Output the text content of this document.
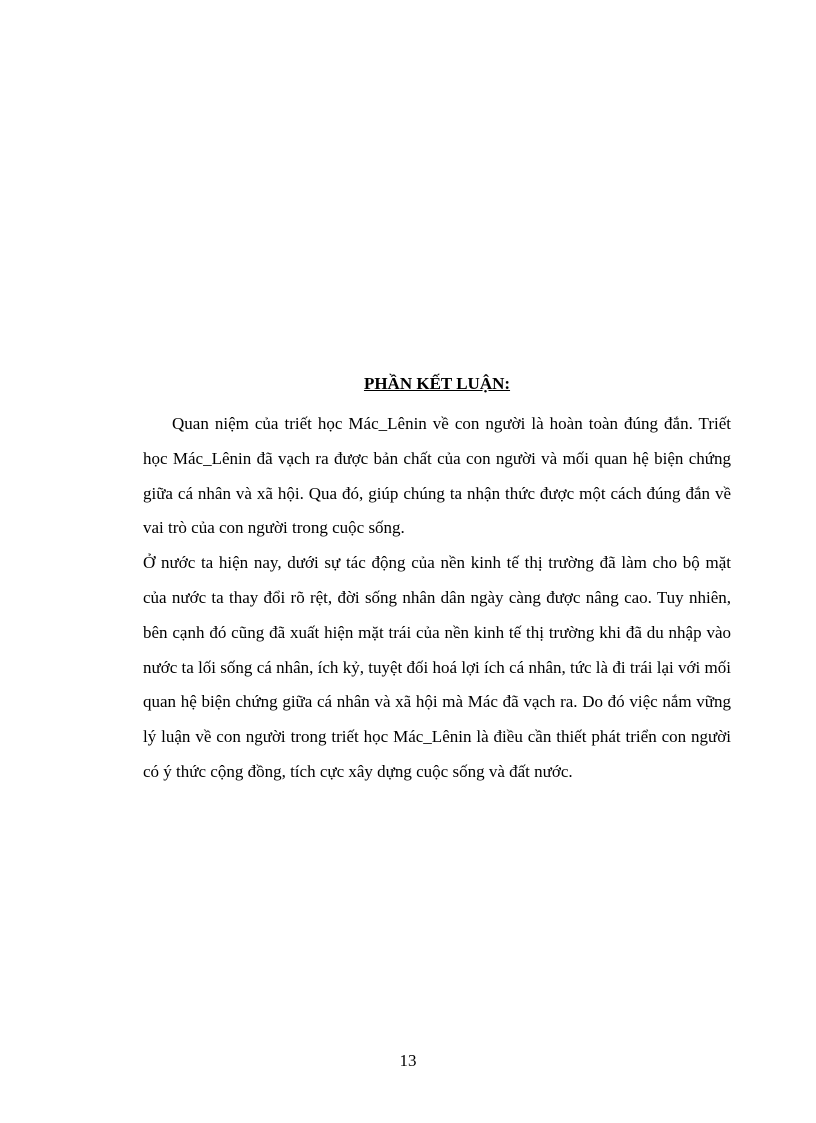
PHẦN KẾT LUẬN:

Quan niệm của triết học Mác_Lênin về con người là hoàn toàn đúng đắn. Triết học Mác_Lênin đã vạch ra được bản chất của con người và mối quan hệ biện chứng giữa cá nhân và xã hội. Qua đó, giúp chúng ta nhận thức được một cách đúng đắn về vai trò của con người trong cuộc sống.

Ở nước ta hiện nay, dưới sự tác động của nền kinh tế thị trường đã làm cho bộ mặt của nước ta thay đổi rõ rệt, đời sống nhân dân ngày càng được nâng cao. Tuy nhiên, bên cạnh đó cũng đã xuất hiện mặt trái của nền kinh tế thị trường khi đã du nhập vào nước ta lối sống cá nhân, ích kỷ, tuyệt đối hoá lợi ích cá nhân, tức là đi trái lại với mối quan hệ biện chứng giữa cá nhân và xã hội mà Mác đã vạch ra. Do đó việc nắm vững lý luận về con người trong triết học Mác_Lênin là điều cần thiết phát triển con người có ý thức cộng đồng, tích cực xây dựng cuộc sống và đất nước.

13
